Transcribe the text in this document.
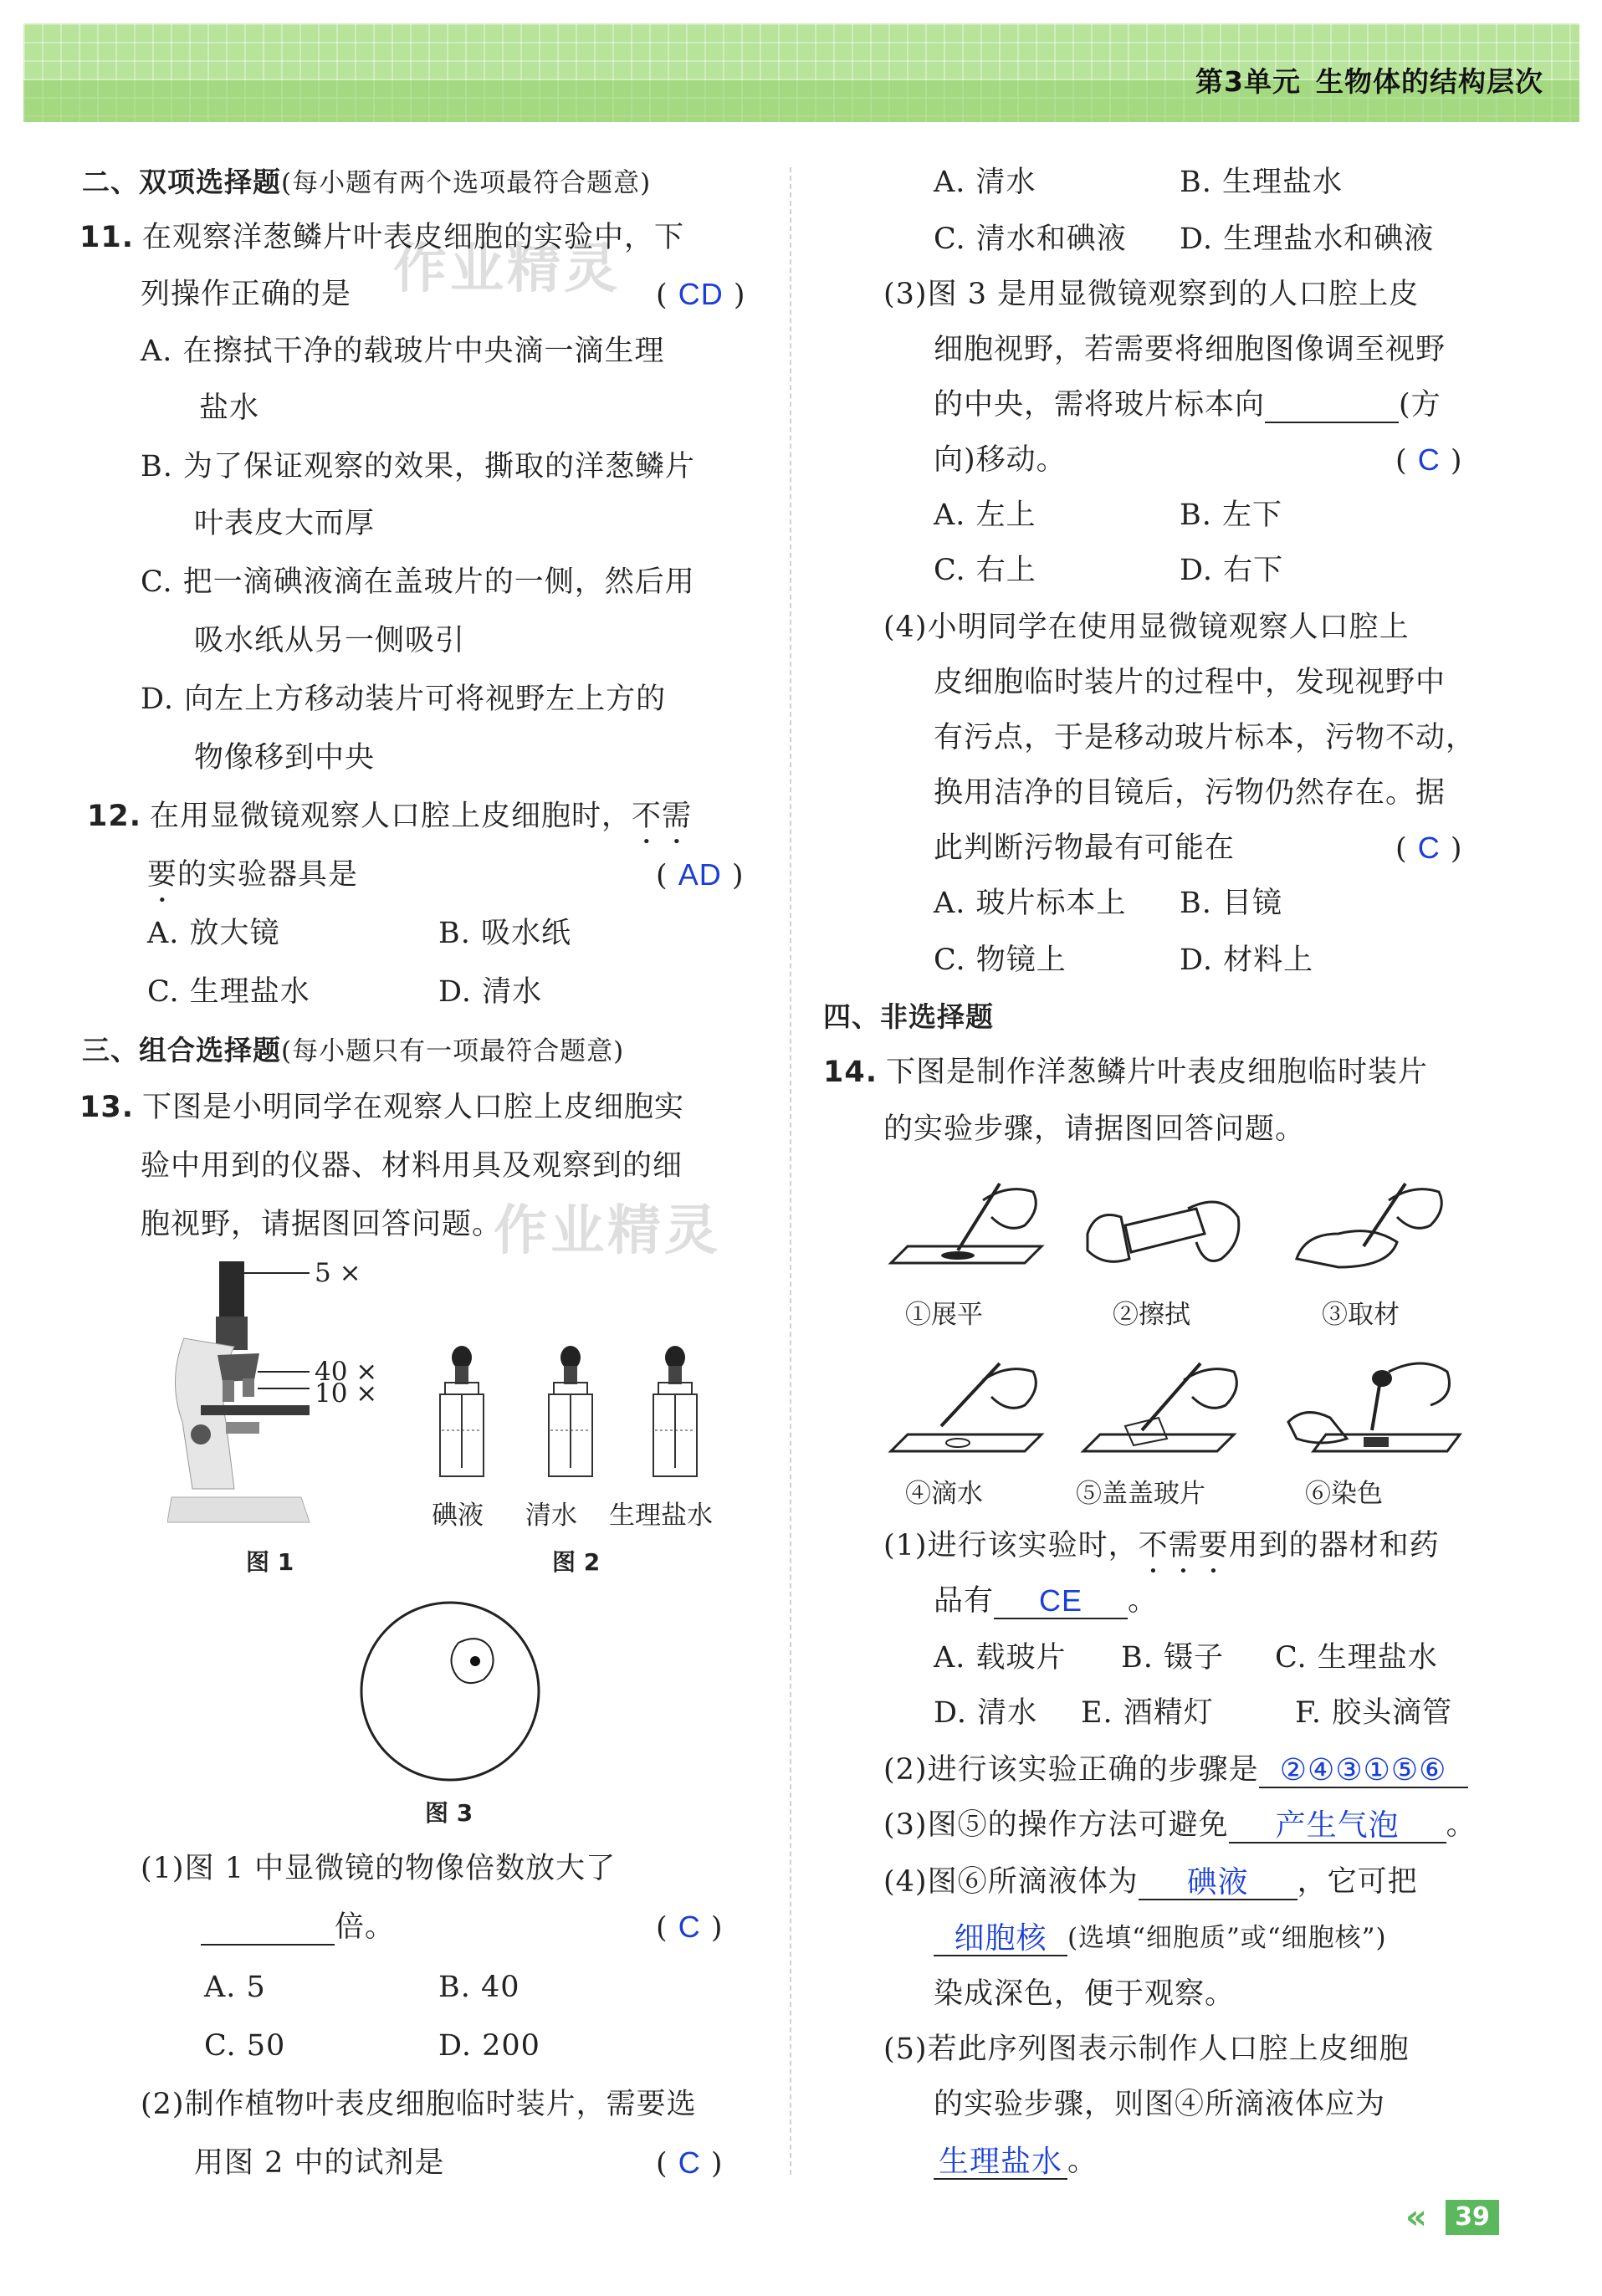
第3单元 生物体的结构层次
作业精灵
作业精灵
二、双项选择题(每小题有两个选项最符合题意)
11. 在观察洋葱鳞片叶表皮细胞的实验中，下
列操作正确的是	( CD )
A. 在擦拭干净的载玻片中央滴一滴生理
盐水
B. 为了保证观察的效果，撕取的洋葱鳞片
叶表皮大而厚
C. 把一滴碘液滴在盖玻片的一侧，然后用
吸水纸从另一侧吸引
D. 向左上方移动装片可将视野左上方的
物像移到中央
12. 在用显微镜观察人口腔上皮细胞时，不需
要的实验器具是	( AD )
A. 放大镜	B. 吸水纸
C. 生理盐水	D. 清水
三、组合选择题(每小题只有一项最符合题意)
13. 下图是小明同学在观察人口腔上皮细胞实
验中用到的仪器、材料用具及观察到的细
胞视野，请据图回答问题。
5 ×
40 ×
10 ×
图 1
碘液 清水 生理盐水
图 2
图 3
(1)图 1 中显微镜的物像倍数放大了
倍。	( C )
A. 5	B. 40
C. 50	D. 200
(2)制作植物叶表皮细胞临时装片，需要选
用图 2 中的试剂是	( C )
A. 清水	B. 生理盐水
C. 清水和碘液 D. 生理盐水和碘液
(3)图 3 是用显微镜观察到的人口腔上皮
细胞视野，若需要将细胞图像调至视野
的中央，需将玻片标本向	(方
向)移动。	( C )
A. 左上	B. 左下
C. 右上	D. 右下
(4)小明同学在使用显微镜观察人口腔上
皮细胞临时装片的过程中，发现视野中
有污点，于是移动玻片标本，污物不动，
换用洁净的目镜后，污物仍然存在。据
此判断污物最有可能在	( C )
A. 玻片标本上 B. 目镜
C. 物镜上	D. 材料上
四、非选择题
14. 下图是制作洋葱鳞片叶表皮细胞临时装片
的实验步骤，请据图回答问题。
①展平	②擦拭	③取材
④滴水	⑤盖盖玻片	⑥染色
(1)进行该实验时，不需要用到的器材和药
品有 CE 。
A. 载玻片 B. 镊子 C. 生理盐水
D. 清水 E. 酒精灯	F. 胶头滴管
(2)进行该实验正确的步骤是 ②④③①⑤⑥
(3)图⑤的操作方法可避免 产生气泡 。
(4)图⑥所滴液体为 碘液 ，它可把
细胞核 (选填“细胞质”或“细胞核”)
染成深色，便于观察。
(5)若此序列图表示制作人口腔上皮细胞
的实验步骤，则图④所滴液体应为
生理盐水 。
«	39
